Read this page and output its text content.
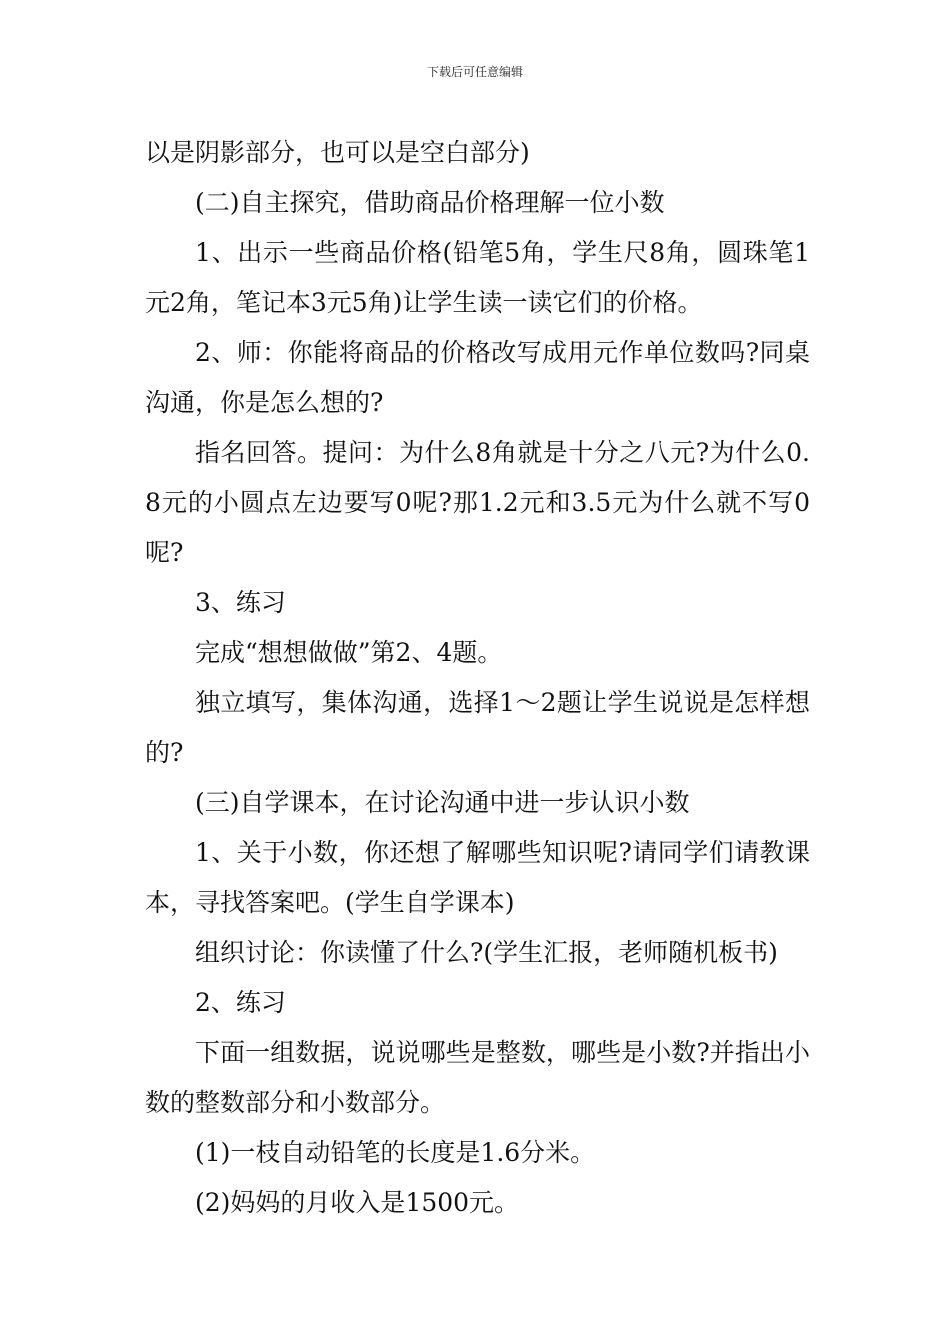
下载后可任意编辑

以是阴影部分，也可以是空白部分)

(二)自主探究，借助商品价格理解一位小数

1、出示一些商品价格(铅笔5角，学生尺8角，圆珠笔1元2角，笔记本3元5角)让学生读一读它们的价格。

2、师：你能将商品的价格改写成用元作单位数吗?同桌沟通，你是怎么想的?

指名回答。提问：为什么8角就是十分之八元?为什么0.8元的小圆点左边要写0呢?那1.2元和3.5元为什么就不写0呢?

3、练习

完成“想想做做”第2、4题。

独立填写，集体沟通，选择1～2题让学生说说是怎样想的?

(三)自学课本，在讨论沟通中进一步认识小数

1、关于小数，你还想了解哪些知识呢?请同学们请教课本，寻找答案吧。(学生自学课本)

组织讨论：你读懂了什么?(学生汇报，老师随机板书)

2、练习

下面一组数据，说说哪些是整数，哪些是小数?并指出小数的整数部分和小数部分。

(1)一枝自动铅笔的长度是1.6分米。

(2)妈妈的月收入是1500元。
